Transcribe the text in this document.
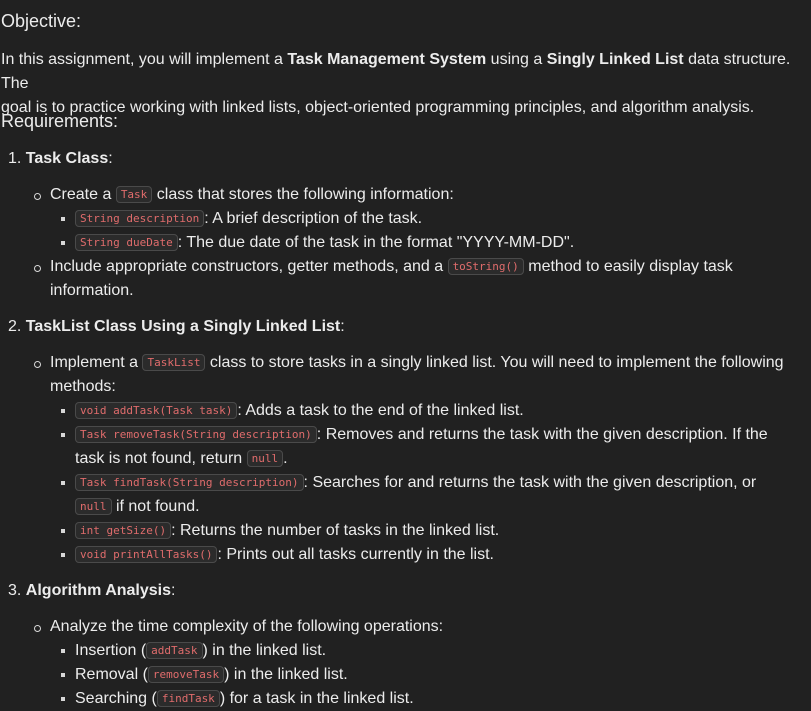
Objective:
In this assignment, you will implement a Task Management System using a Singly Linked List data structure. The
goal is to practice working with linked lists, object-oriented programming principles, and algorithm analysis.
Requirements:
1. Task Class:
Create a Task class that stores the following information:
String description : A brief description of the task.
String dueDate : The due date of the task in the format "YYYY-MM-DD".
Include appropriate constructors, getter methods, and a toString() method to easily display task
information.
2. TaskList Class Using a Singly Linked List:
Implement a TaskList class to store tasks in a singly linked list. You will need to implement the following
methods:
void addTask(Task task) : Adds a task to the end of the linked list.
Task removeTask(String description) : Removes and returns the task with the given description. If the
task is not found, return null .
Task findTask(String description) : Searches for and returns the task with the given description, or
null if not found.
int getSize() : Returns the number of tasks in the linked list.
void printAllTasks() : Prints out all tasks currently in the list.
3. Algorithm Analysis:
Analyze the time complexity of the following operations:
Insertion ( addTask ) in the linked list.
Removal ( removeTask ) in the linked list.
Searching ( findTask ) for a task in the linked list.
